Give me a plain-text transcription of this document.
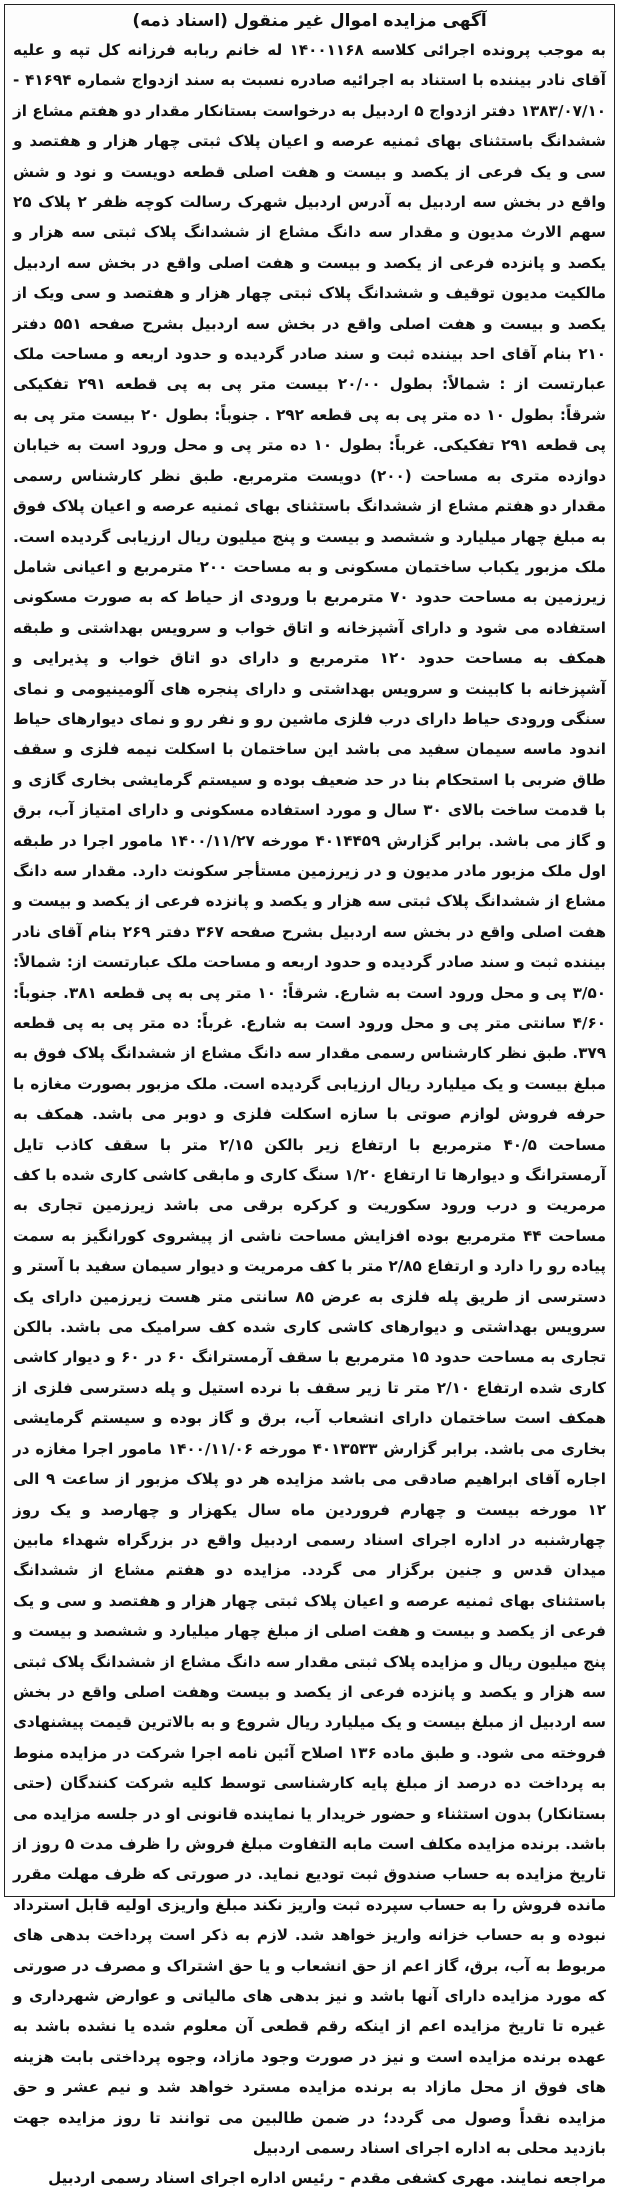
آگهی مزایده اموال غیر منقول (اسناد ذمه)

به موجب پرونده اجرائی کلاسه ۱۴۰۰۱۱۶۸ له خانم ربابه فرزانه کل تپه و علیه آقای نادر بیننده با استناد به اجرائیه صادره نسبت به سند ازدواج شماره ۴۱۶۹۴ - ۱۳۸۳/۰۷/۱۰ دفتر ازدواج ۵ اردبیل به درخواست بستانکار مقدار دو هفتم مشاع از ششدانگ باستثنای بهای ثمنیه عرصه و اعیان پلاک ثبتی چهار هزار و هفتصد و سی و یک فرعی از یکصد و بیست و هفت اصلی قطعه دویست و نود و شش واقع در بخش سه اردبیل به آدرس اردبیل شهرک رسالت کوچه ظفر ۲ پلاک ۲۵ سهم الارث مدیون و مقدار سه دانگ مشاع از ششدانگ پلاک ثبتی سه هزار و یکصد و پانزده فرعی از یکصد و بیست و هفت اصلی واقع در بخش سه اردبیل مالکیت مدیون توقیف و ششدانگ پلاک ثبتی چهار هزار و هفتصد و سی ویک از یکصد و بیست و هفت اصلی واقع در بخش سه اردبیل بشرح صفحه ۵۵۱ دفتر ۲۱۰ بنام آقای احد بیننده ثبت و سند صادر گردیده و حدود اربعه و مساحت ملک عبارتست از : شمالاً: بطول ۲۰/۰۰ بیست متر پی به پی قطعه ۲۹۱ تفکیکی شرقاً: بطول ۱۰ ده متر پی به پی قطعه ۲۹۲ . جنوباً: بطول ۲۰ بیست متر پی به پی قطعه ۲۹۱ تفکیکی. غرباً: بطول ۱۰ ده متر پی و محل ورود است به خیابان دوازده متری به مساحت (۲۰۰) دویست مترمربع. طبق نظر کارشناس رسمی مقدار دو هفتم مشاع از ششدانگ باستثنای بهای ثمنیه عرصه و اعیان پلاک فوق به مبلغ چهار میلیارد و ششصد و بیست و پنج میلیون ریال ارزیابی گردیده است. ملک مزبور یکباب ساختمان مسکونی و به مساحت ۲۰۰ مترمربع و اعیانی شامل زیرزمین به مساحت حدود ۷۰ مترمربع با ورودی از حیاط که به صورت مسکونی استفاده می شود و دارای آشپزخانه و اتاق خواب و سرویس بهداشتی و طبقه همکف به مساحت حدود ۱۲۰ مترمربع و دارای دو اتاق خواب و پذیرایی و آشپزخانه با کابینت و سرویس بهداشتی و دارای پنجره های آلومینیومی و نمای سنگی ورودی حیاط دارای درب فلزی ماشین رو و نفر رو و نمای دیوارهای حیاط اندود ماسه سیمان سفید می باشد این ساختمان با اسکلت نیمه فلزی و سقف طاق ضربی با استحکام بنا در حد ضعیف بوده و سیستم گرمایشی بخاری گازی و با قدمت ساخت بالای ۳۰ سال و مورد استفاده مسکونی و دارای امتیاز آب، برق و گاز می باشد. برابر گزارش ۴۰۱۴۴۵۹ مورخه ۱۴۰۰/۱۱/۲۷ مامور اجرا در طبقه اول ملک مزبور مادر مدیون و در زیرزمین مستأجر سکونت دارد. مقدار سه دانگ مشاع از ششدانگ پلاک ثبتی سه هزار و یکصد و پانزده فرعی از یکصد و بیست و هفت اصلی واقع در بخش سه اردبیل بشرح صفحه ۳۶۷ دفتر ۲۶۹ بنام آقای نادر بیننده ثبت و سند صادر گردیده و حدود اربعه و مساحت ملک عبارتست از: شمالاً: ۳/۵۰ پی و محل ورود است به شارع. شرقاً: ۱۰ متر پی به پی قطعه ۳۸۱. جنوباً: ۴/۶۰ سانتی متر پی و محل ورود است به شارع. غرباً: ده متر پی به پی قطعه ۳۷۹. طبق نظر کارشناس رسمی مقدار سه دانگ مشاع از ششدانگ پلاک فوق به مبلغ بیست و یک میلیارد ریال ارزیابی گردیده است. ملک مزبور بصورت مغازه با حرفه فروش لوازم صوتی با سازه اسکلت فلزی و دوبر می باشد. همکف به مساحت ۴۰/۵ مترمربع با ارتفاع زیر بالکن ۲/۱۵ متر با سقف کاذب تایل آرمسترانگ و دیوارها تا ارتفاع ۱/۲۰ سنگ کاری و مابقی کاشی کاری شده با کف مرمریت و درب ورود سکوریت و کرکره برقی می باشد زیرزمین تجاری به مساحت ۴۴ مترمربع بوده افزایش مساحت ناشی از پیشروی کورانگیز به سمت پیاده رو را دارد و ارتفاع ۲/۸۵ متر با کف مرمریت و دیوار سیمان سفید با آستر و دسترسی از طریق پله فلزی به عرض ۸۵ سانتی متر هست زیرزمین دارای یک سرویس بهداشتی و دیوارهای کاشی کاری شده کف سرامیک می باشد. بالکن تجاری به مساحت حدود ۱۵ مترمربع با سقف آرمسترانگ ۶۰ در ۶۰ و دیوار کاشی کاری شده ارتفاع ۲/۱۰ متر تا زیر سقف با نرده استیل و پله دسترسی فلزی از همکف است ساختمان دارای انشعاب آب، برق و گاز بوده و سیستم گرمایشی بخاری می باشد. برابر گزارش ۴۰۱۳۵۳۳ مورخه ۱۴۰۰/۱۱/۰۶ مامور اجرا مغازه در اجاره آقای ابراهیم صادقی می باشد مزایده هر دو پلاک مزبور از ساعت ۹ الی ۱۲ مورخه بیست و چهارم فروردین ماه سال یکهزار و چهارصد و یک روز چهارشنبه در اداره اجرای اسناد رسمی اردبیل واقع در بزرگراه شهداء مابین میدان قدس و جنین برگزار می گردد. مزایده دو هفتم مشاع از ششدانگ باستثنای بهای ثمنیه عرصه و اعیان پلاک ثبتی چهار هزار و هفتصد و سی و یک فرعی از یکصد و بیست و هفت اصلی از مبلغ چهار میلیارد و ششصد و بیست و پنج میلیون ریال و مزایده پلاک ثبتی مقدار سه دانگ مشاع از ششدانگ پلاک ثبتی سه هزار و یکصد و پانزده فرعی از یکصد و بیست وهفت اصلی واقع در بخش سه اردبیل از مبلغ بیست و یک میلیارد ریال شروع و به بالاترین قیمت پیشنهادی فروخته می شود. و طبق ماده ۱۳۶ اصلاح آئین نامه اجرا شرکت در مزایده منوط به پرداخت ده درصد از مبلغ پایه کارشناسی توسط کلیه شرکت کنندگان (حتی بستانکار) بدون استثناء و حضور خریدار یا نماینده قانونی او در جلسه مزایده می باشد. برنده مزایده مکلف است مابه التفاوت مبلغ فروش را ظرف مدت ۵ روز از تاریخ مزایده به حساب صندوق ثبت تودیع نماید. در صورتی که ظرف مهلت مقرر مانده فروش را به حساب سپرده ثبت واریز نکند مبلغ واریزی اولیه قابل استرداد نبوده و به حساب خزانه واریز خواهد شد. لازم به ذکر است پرداخت بدهی های مربوط به آب، برق، گاز اعم از حق انشعاب و یا حق اشتراک و مصرف در صورتی که مورد مزایده دارای آنها باشد و نیز بدهی های مالیاتی و عوارض شهرداری و غیره تا تاریخ مزایده اعم از اینکه رقم قطعی آن معلوم شده یا نشده باشد به عهده برنده مزایده است و نیز در صورت وجود مازاد، وجوه پرداختی بابت هزینه های فوق از محل مازاد به برنده مزایده مسترد خواهد شد و نیم عشر و حق مزایده نقداً وصول می گردد؛ در ضمن طالبین می توانند تا روز مزایده جهت بازدید محلی به اداره اجرای اسناد رسمی اردبیل

مراجعه نمایند. مهری کشفی مقدم - رئیس اداره اجرای اسناد رسمی اردبیل
